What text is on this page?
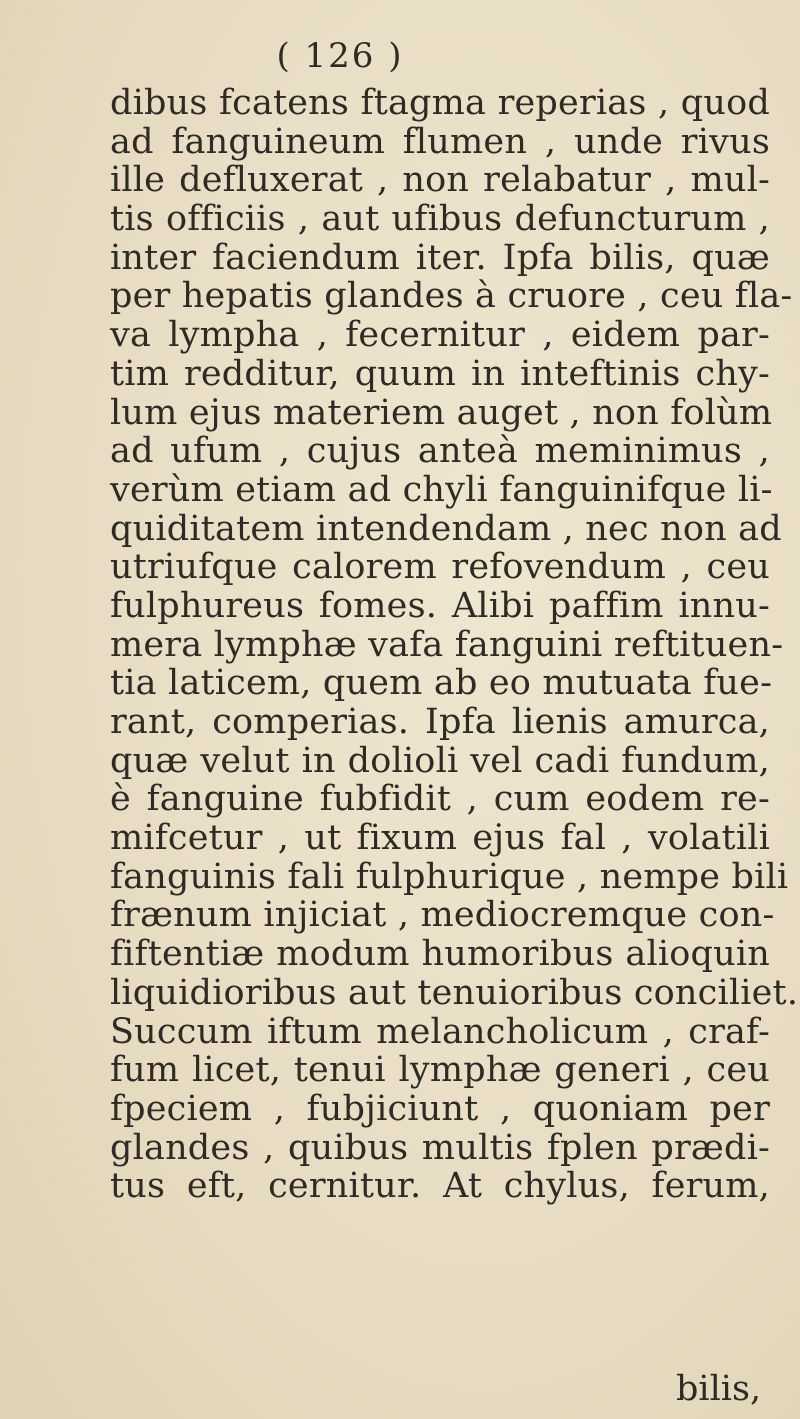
( 126 )
dibus fcatens ftagma reperias , quod
ad fanguineum flumen , unde rivus
ille defluxerat , non relabatur , mul-
tis officiis , aut ufibus defuncturum ,
inter faciendum iter. Ipfa bilis, quæ
per hepatis glandes à cruore , ceu fla-
va lympha , fecernitur , eidem par-
tim redditur, quum in inteftinis chy-
lum ejus materiem auget , non folùm
ad ufum , cujus anteà meminimus ,
verùm etiam ad chyli fanguinifque li-
quiditatem intendendam , nec non ad
utriufque calorem refovendum , ceu
fulphureus fomes. Alibi paffim innu-
mera lymphæ vafa fanguini reftituen-
tia laticem, quem ab eo mutuata fue-
rant, comperias. Ipfa lienis amurca,
quæ velut in dolioli vel cadi fundum,
è fanguine fubfidit , cum eodem re-
mifcetur , ut fixum ejus fal , volatili
fanguinis fali fulphurique , nempe bili
frænum injiciat , mediocremque con-
fiftentiæ modum humoribus alioquin
liquidioribus aut tenuioribus conciliet.
Succum iftum melancholicum , craf-
fum licet, tenui lymphæ generi , ceu
fpeciem , fubjiciunt , quoniam per
glandes , quibus multis fplen prædi-
tus eft, cernitur. At chylus, ferum,
bilis,
